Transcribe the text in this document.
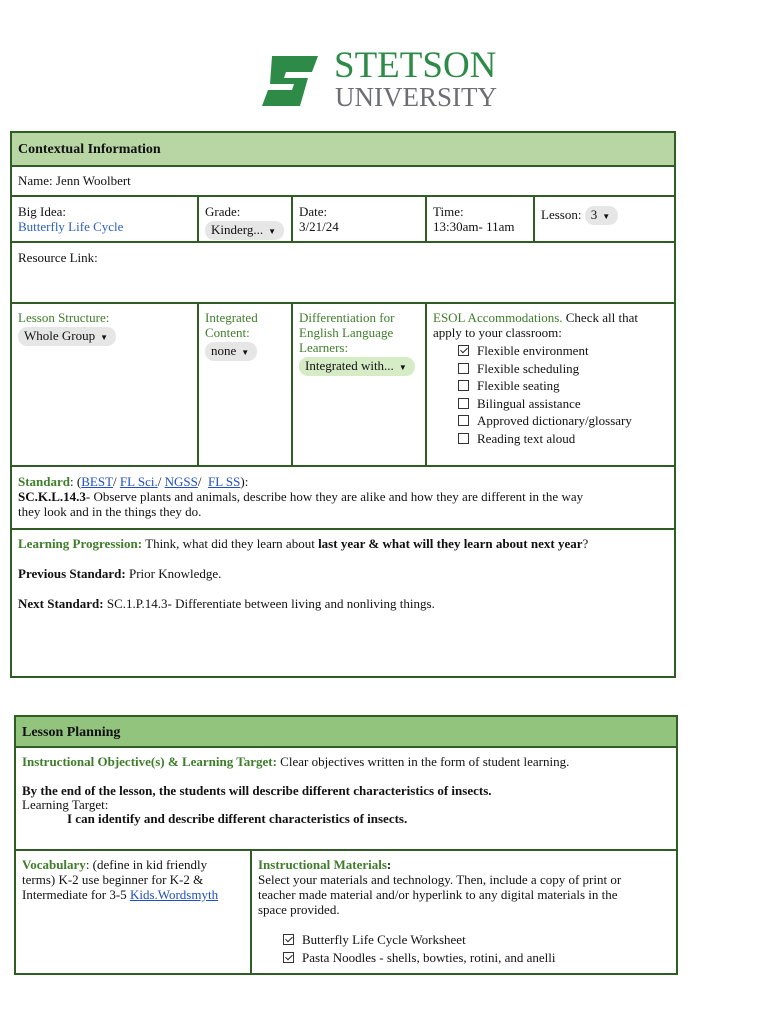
STETSON
UNIVERSITY
Contextual Information
Name: Jenn Woolbert
Big Idea:
Butterfly Life Cycle
Grade:
Kinderg... ▼
Date:
3/21/24
Time:
13:30am- 11am
Lesson: 3 ▼
Resource Link:
Lesson Structure:
Whole Group ▼
Integrated
Content:
none ▼
Differentiation for
English Language
Learners:
Integrated with... ▼
ESOL Accommodations. Check all that
apply to your classroom:
Flexible environment
Flexible scheduling
Flexible seating
Bilingual assistance
Approved dictionary/glossary
Reading text aloud
Standard: (BEST/ FL Sci./ NGSS/  FL SS):
SC.K.L.14.3- Observe plants and animals, describe how they are alike and how they are different in the way
they look and in the things they do.
Learning Progression: Think, what did they learn about last year & what will they learn about next year?
Previous Standard: Prior Knowledge.
Next Standard: SC.1.P.14.3- Differentiate between living and nonliving things.
Lesson Planning
Instructional Objective(s) & Learning Target: Clear objectives written in the form of student learning.
By the end of the lesson, the students will describe different characteristics of insects.
Learning Target:
I can identify and describe different characteristics of insects.
Vocabulary: (define in kid friendly
terms) K-2 use beginner for K-2 &
Intermediate for 3-5 Kids.Wordsmyth
Instructional Materials:
Select your materials and technology. Then, include a copy of print or
teacher made material and/or hyperlink to any digital materials in the
space provided.
Butterfly Life Cycle Worksheet
Pasta Noodles - shells, bowties, rotini, and anelli
